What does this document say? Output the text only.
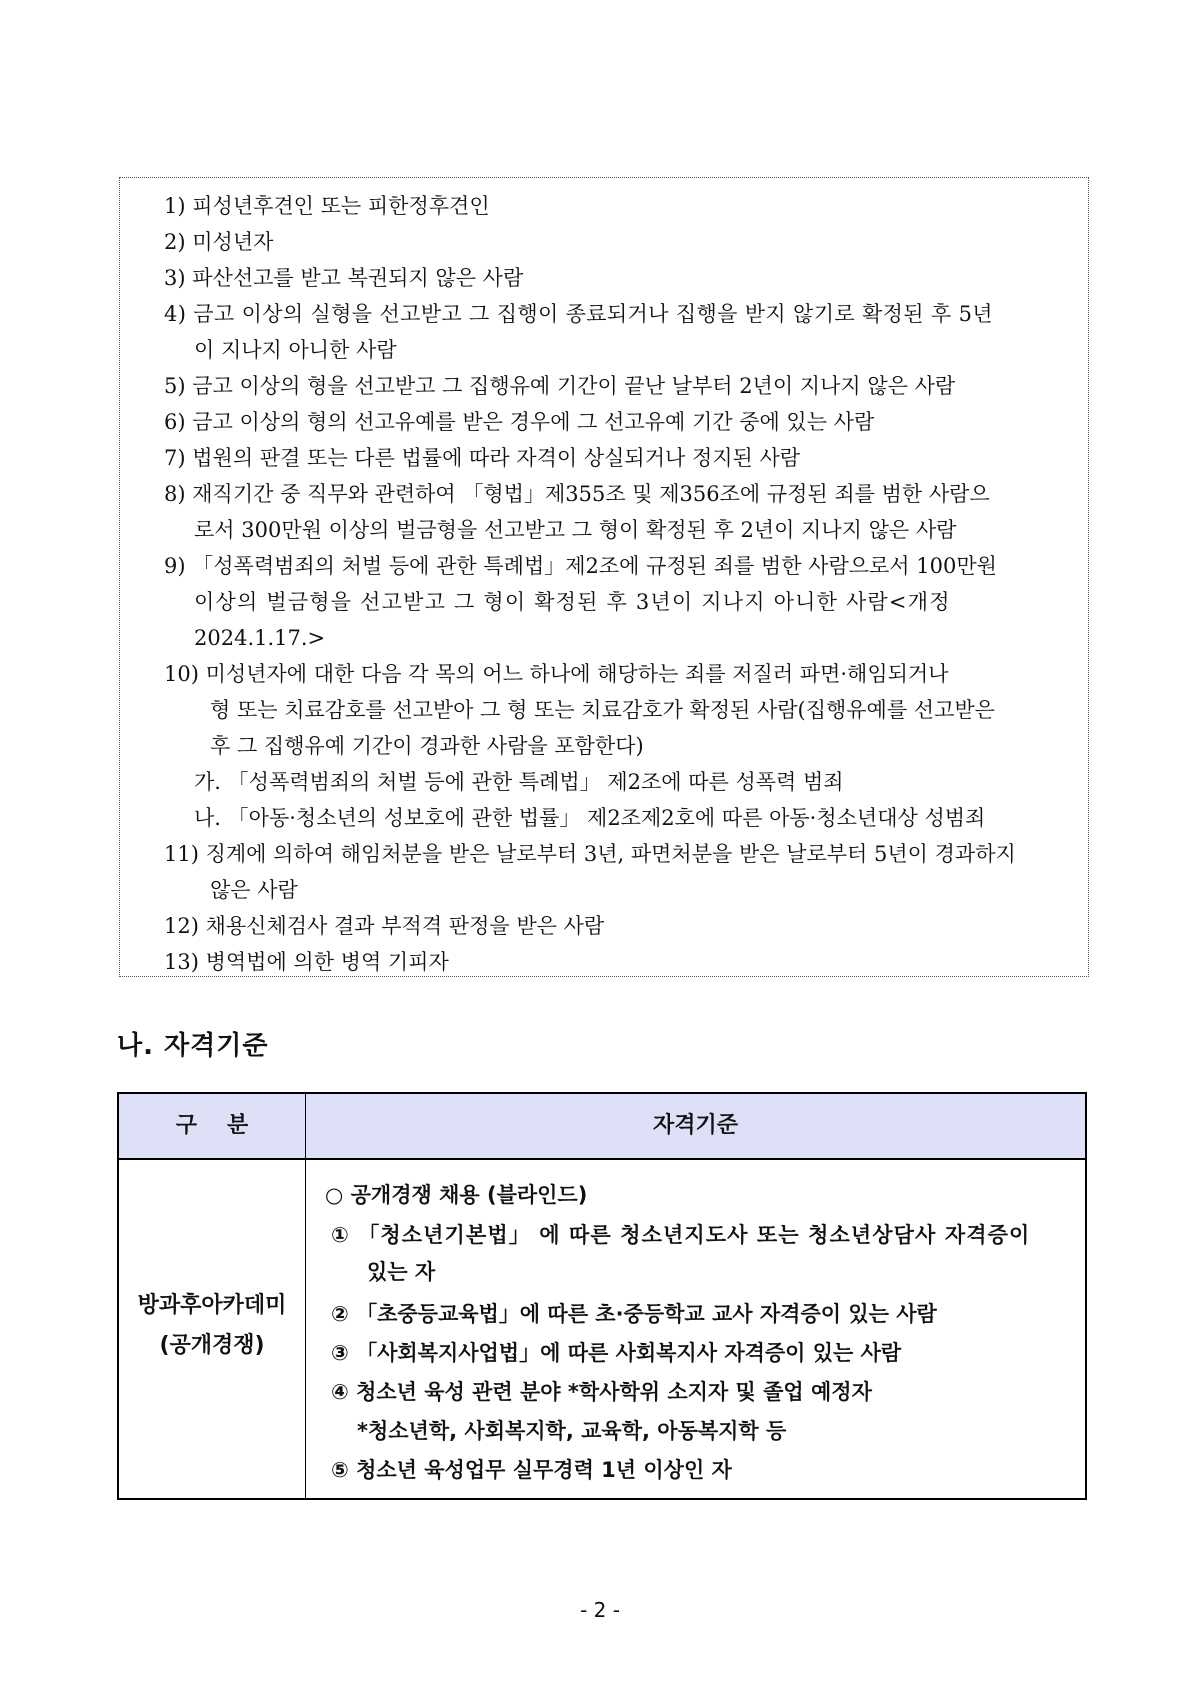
1) 피성년후견인 또는 피한정후견인
2) 미성년자
3) 파산선고를 받고 복권되지 않은 사람
4) 금고 이상의 실형을 선고받고 그 집행이 종료되거나 집행을 받지 않기로 확정된 후 5년
이 지나지 아니한 사람
5) 금고 이상의 형을 선고받고 그 집행유예 기간이 끝난 날부터 2년이 지나지 않은 사람
6) 금고 이상의 형의 선고유예를 받은 경우에 그 선고유예 기간 중에 있는 사람
7) 법원의 판결 또는 다른 법률에 따라 자격이 상실되거나 정지된 사람
8) 재직기간 중 직무와 관련하여 「형법」제355조 및 제356조에 규정된 죄를 범한 사람으
로서 300만원 이상의 벌금형을 선고받고 그 형이 확정된 후 2년이 지나지 않은 사람
9) 「성폭력범죄의 처벌 등에 관한 특례법」제2조에 규정된 죄를 범한 사람으로서 100만원
이상의 벌금형을 선고받고 그 형이 확정된 후 3년이 지나지 아니한 사람<개정
2024.1.17.>
10) 미성년자에 대한 다음 각 목의 어느 하나에 해당하는 죄를 저질러 파면·해임되거나
형 또는 치료감호를 선고받아 그 형 또는 치료감호가 확정된 사람(집행유예를 선고받은
후 그 집행유예 기간이 경과한 사람을 포함한다)
가. 「성폭력범죄의 처벌 등에 관한 특례법」 제2조에 따른 성폭력 범죄
나. 「아동·청소년의 성보호에 관한 법률」 제2조제2호에 따른 아동·청소년대상 성범죄
11) 징계에 의하여 해임처분을 받은 날로부터 3년, 파면처분을 받은 날로부터 5년이 경과하지
않은 사람
12) 채용신체검사 결과 부적격 판정을 받은 사람
13) 병역법에 의한 병역 기피자
나. 자격기준
구분	자격기준
방과후아카데미
(공개경쟁)
○ 공개경쟁 채용 (블라인드)
① 「청소년기본법」 에 따른 청소년지도사 또는 청소년상담사 자격증이
있는 자
② 「초중등교육법」에 따른 초·중등학교 교사 자격증이 있는 사람
③ 「사회복지사업법」에 따른 사회복지사 자격증이 있는 사람
④ 청소년 육성 관련 분야 *학사학위 소지자 및 졸업 예정자
*청소년학, 사회복지학, 교육학, 아동복지학 등
⑤ 청소년 육성업무 실무경력 1년 이상인 자
- 2 -
